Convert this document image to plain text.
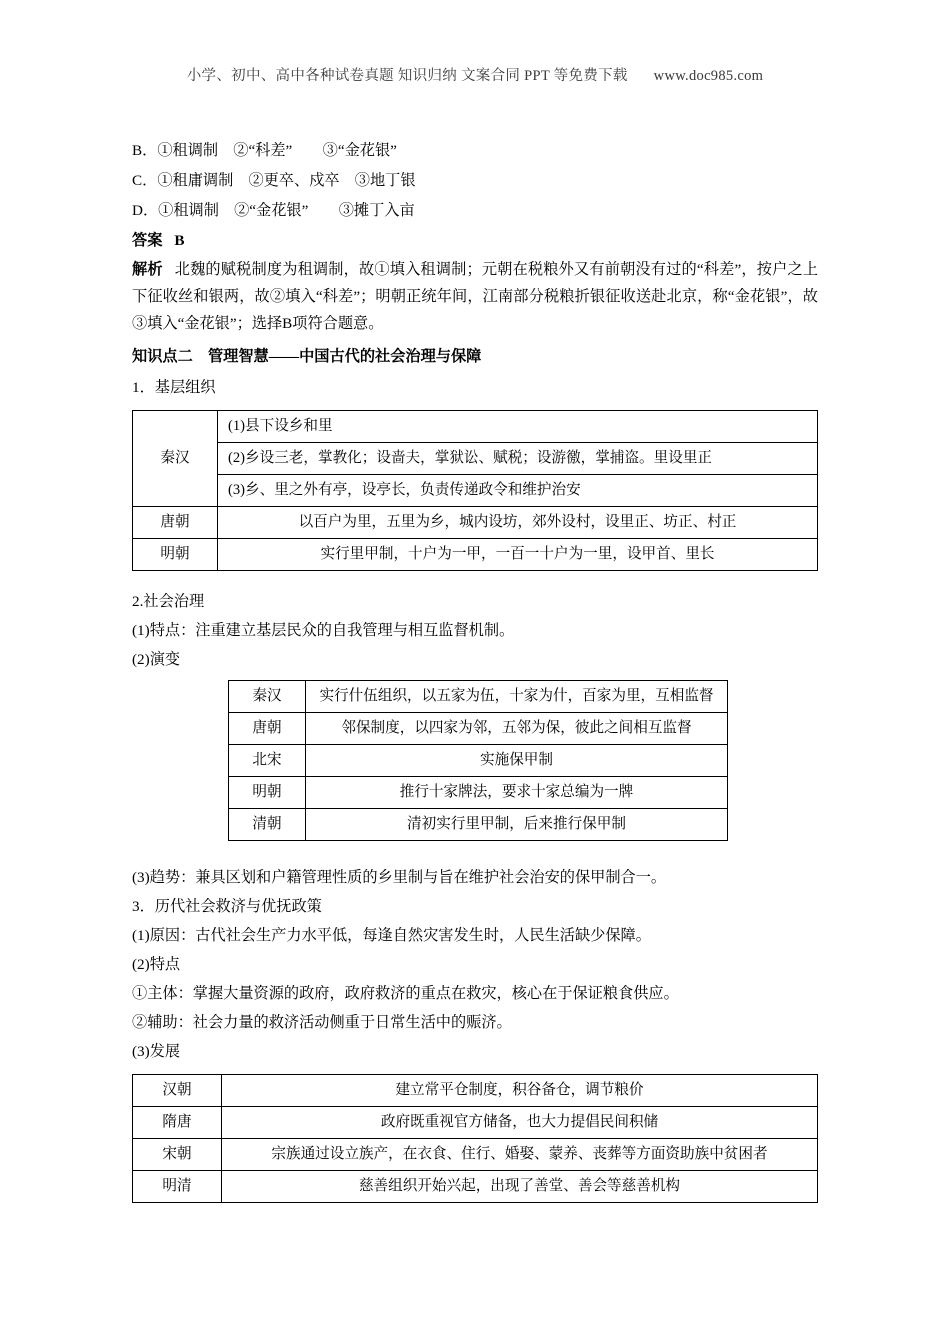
小学、初中、高中各种试卷真题 知识归纳 文案合同 PPT 等免费下载 www.doc985.com
B．①租调制　②“科差”　　③“金花银”
C．①租庸调制　②更卒、戍卒　③地丁银
D．①租调制　②“金花银”　　③摊丁入亩
答案 B
解析 北魏的赋税制度为租调制，故①填入租调制；元朝在税粮外又有前朝没有过的“科差”，按户之上下征收丝和银两，故②填入“科差”；明朝正统年间，江南部分税粮折银征收送赴北京，称“金花银”，故③填入“金花银”；选择B项符合题意。
知识点二　管理智慧——中国古代的社会治理与保障
1．基层组织
秦汉	(1)县下设乡和里
	(2)乡设三老，掌教化；设啬夫，掌狱讼、赋税；设游徼，掌捕盗。里设里正
	(3)乡、里之外有亭，设亭长，负责传递政令和维护治安
唐朝	以百户为里，五里为乡，城内设坊，郊外设村，设里正、坊正、村正
明朝	实行里甲制，十户为一甲，一百一十户为一里，设甲首、里长
2.社会治理
(1)特点：注重建立基层民众的自我管理与相互监督机制。
(2)演变
秦汉	实行什伍组织，以五家为伍，十家为什，百家为里，互相监督
唐朝	邻保制度，以四家为邻，五邻为保，彼此之间相互监督
北宋	实施保甲制
明朝	推行十家牌法，要求十家总编为一牌
清朝	清初实行里甲制，后来推行保甲制
(3)趋势：兼具区划和户籍管理性质的乡里制与旨在维护社会治安的保甲制合一。
3．历代社会救济与优抚政策
(1)原因：古代社会生产力水平低，每逢自然灾害发生时，人民生活缺少保障。
(2)特点
①主体：掌握大量资源的政府，政府救济的重点在救灾，核心在于保证粮食供应。
②辅助：社会力量的救济活动侧重于日常生活中的赈济。
(3)发展
汉朝	建立常平仓制度，积谷备仓，调节粮价
隋唐	政府既重视官方储备，也大力提倡民间积储
宋朝	宗族通过设立族产，在衣食、住行、婚娶、蒙养、丧葬等方面资助族中贫困者
明清	慈善组织开始兴起，出现了善堂、善会等慈善机构
